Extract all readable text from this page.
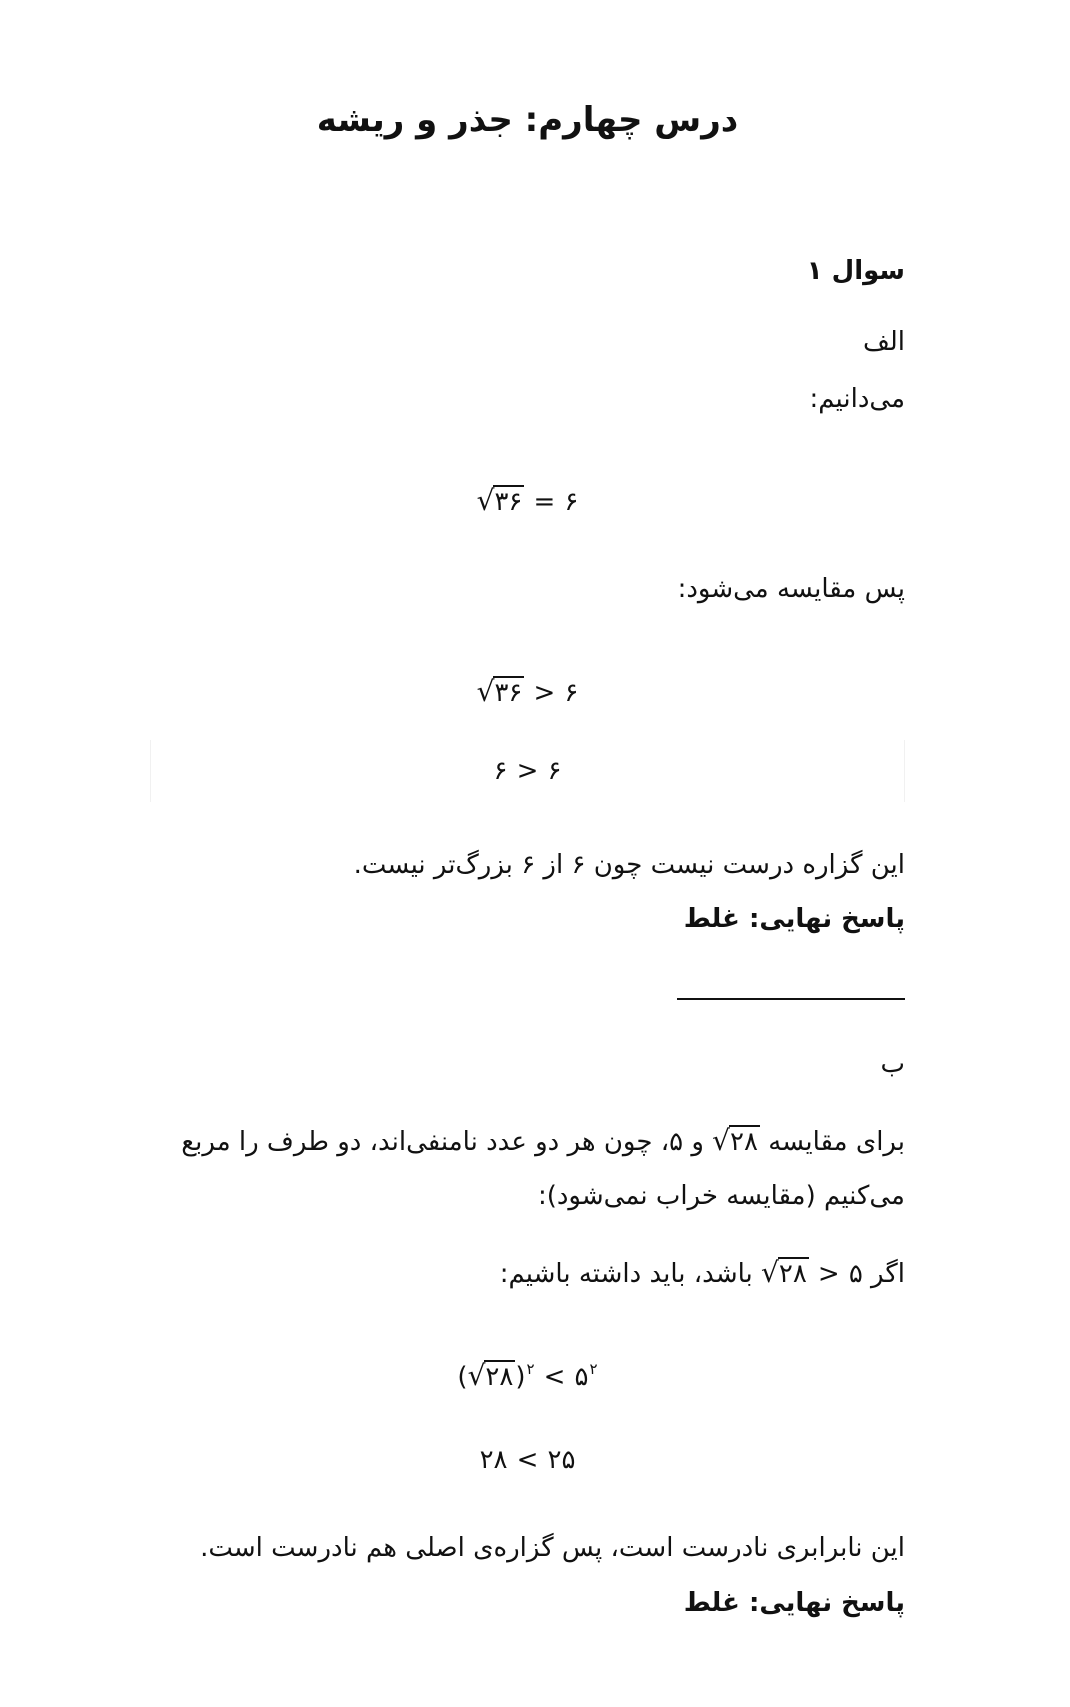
درس چهارم: جذر و ریشه
سوال ۱
الف
می‌دانیم:
√۳۶ = ۶
پس مقایسه می‌شود:
√۳۶ > ۶
۶ > ۶
این گزاره درست نیست چون ۶ از ۶ بزرگ‌تر نیست.
پاسخ نهایی: غلط
ب

برای مقایسه √۲۸ و ۵، چون هر دو عدد نامنفی‌اند، دو طرف را مربع می‌کنیم (مقایسه خراب نمی‌شود):

اگر √۲۸ > ۵ باشد، باید داشته باشیم:

(√۲۸)$^۲$ < $۵^۲$
۲۸ < ۲۵
این نابرابری نادرست است، پس گزاره‌ی اصلی هم نادرست است.
پاسخ نهایی: غلط
